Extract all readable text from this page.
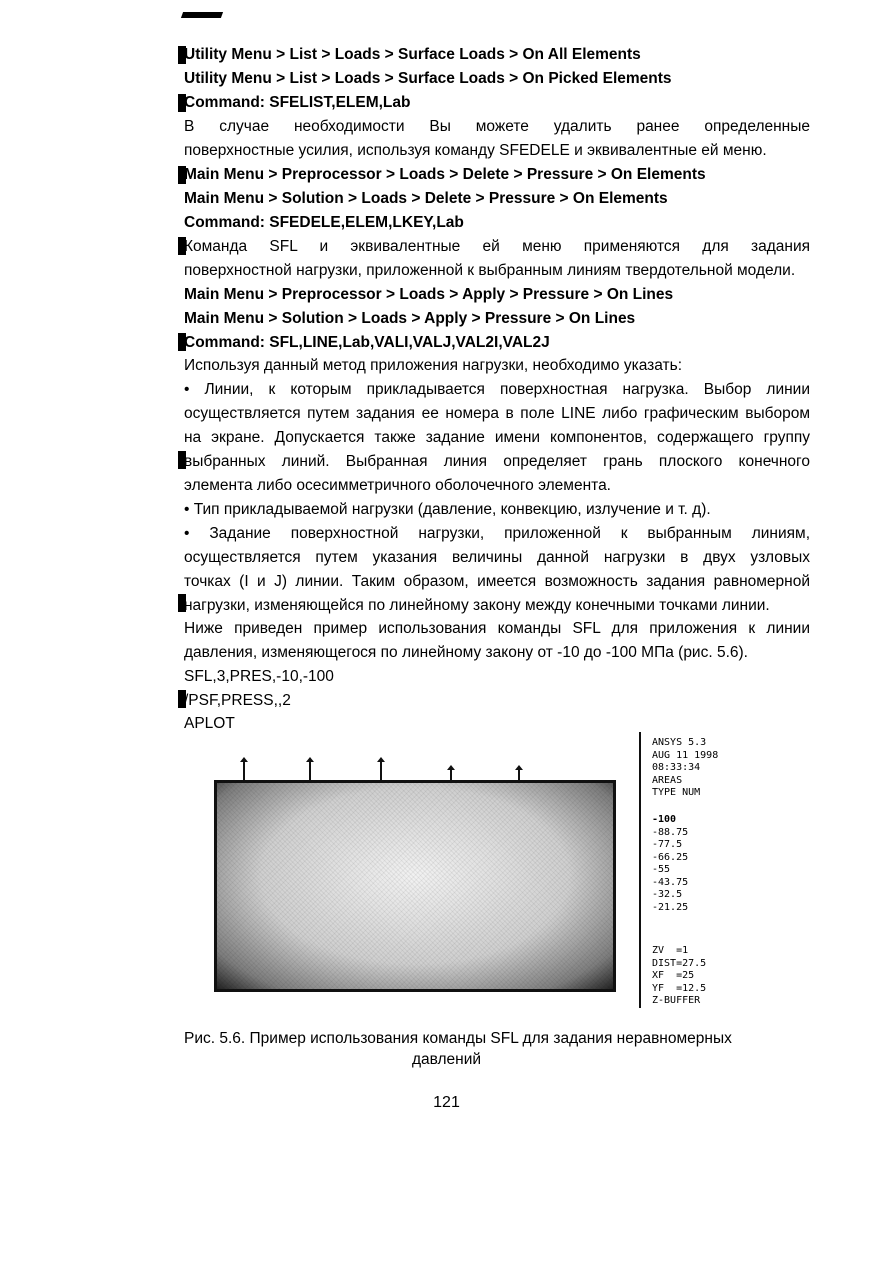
Utility Menu > List > Loads > Surface Loads > On All Elements
Utility Menu > List > Loads > Surface Loads > On Picked Elements
Command: SFELIST,ELEM,Lab
В случае необходимости Вы можете удалить ранее определенные
поверхностные усилия, используя команду SFEDELE и эквивалентные ей меню.
Main Menu > Preprocessor > Loads > Delete > Pressure > On Elements
Main Menu > Solution > Loads > Delete > Pressure > On Elements
Command: SFEDELE,ELEM,LKEY,Lab
Команда SFL и эквивалентные ей меню применяются для задания
поверхностной нагрузки, приложенной к выбранным линиям твердотельной модели.
Main Menu > Preprocessor > Loads > Apply > Pressure > On Lines
Main Menu > Solution > Loads > Apply > Pressure > On Lines
Command: SFL,LINE,Lab,VALI,VALJ,VAL2I,VAL2J
Используя данный метод приложения нагрузки, необходимо указать:
• Линии, к которым прикладывается поверхностная нагрузка. Выбор линии
осуществляется путем задания ее номера в поле LINE либо графическим выбором
на экране. Допускается также задание имени компонентов, содержащего группу
выбранных линий. Выбранная линия определяет грань плоского конечного
элемента либо осесимметричного оболочечного элемента.
• Тип прикладываемой нагрузки (давление, конвекцию, излучение и т. д).
• Задание поверхностной нагрузки, приложенной к выбранным линиям,
осуществляется путем указания величины данной нагрузки в двух узловых
точках (I и J) линии. Таким образом, имеется возможность задания равномерной
нагрузки, изменяющейся по линейному закону между конечными точками линии.
Ниже приведен пример использования команды SFL для приложения к линии
давления, изменяющегося по линейному закону от -10 до -100 МПа (рис. 5.6).
SFL,3,PRES,-10,-100
/PSF,PRESS,,2
APLOT
ANSYS 5.3
AUG 11 1998
08:33:34
AREAS
TYPE NUM
-100
-88.75
-77.5
-66.25
-55
-43.75
-32.5
-21.25
ZV  =1
DIST=27.5
XF  =25
YF  =12.5
Z-BUFFER
Рис. 5.6. Пример использования команды SFL для задания неравномерных
давлений
121
